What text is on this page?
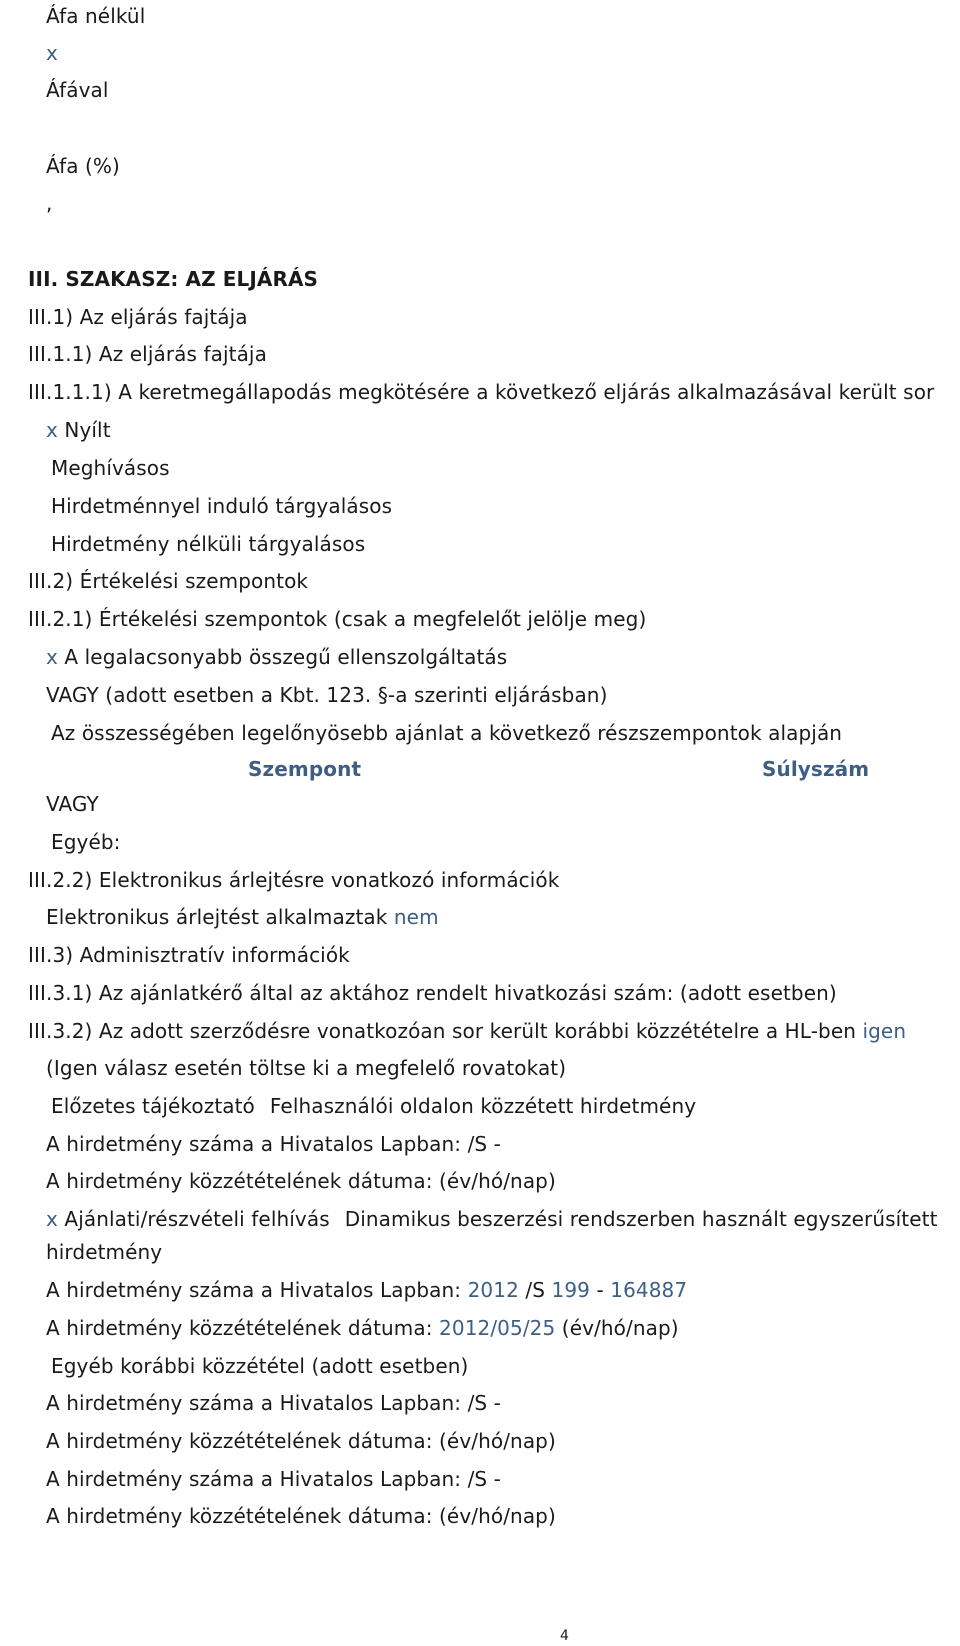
Áfa nélkül
x
Áfával
Áfa (%)
,
III. SZAKASZ: AZ ELJÁRÁS
III.1) Az eljárás fajtája
III.1.1) Az eljárás fajtája
III.1.1.1) A keretmegállapodás megkötésére a következő eljárás alkalmazásával került sor
x Nyílt
Meghívásos
Hirdetménnyel induló tárgyalásos
Hirdetmény nélküli tárgyalásos
III.2) Értékelési szempontok
III.2.1) Értékelési szempontok (csak a megfelelőt jelölje meg)
x A legalacsonyabb összegű ellenszolgáltatás
VAGY (adott esetben a Kbt. 123. §-a szerinti eljárásban)
Az összességében legelőnyösebb ajánlat a következő részszempontok alapján
Szempont	Súlyszám
VAGY
Egyéb:
III.2.2) Elektronikus árlejtésre vonatkozó információk
Elektronikus árlejtést alkalmaztak nem
III.3) Adminisztratív információk
III.3.1) Az ajánlatkérő által az aktához rendelt hivatkozási szám: (adott esetben)
III.3.2) Az adott szerződésre vonatkozóan sor került korábbi közzétételre a HL-ben igen
(Igen válasz esetén töltse ki a megfelelő rovatokat)
Előzetes tájékoztató Felhasználói oldalon közzétett hirdetmény
A hirdetmény száma a Hivatalos Lapban: /S -
A hirdetmény közzétételének dátuma: (év/hó/nap)
x Ajánlati/részvételi felhívás Dinamikus beszerzési rendszerben használt egyszerűsített
hirdetmény
A hirdetmény száma a Hivatalos Lapban: 2012 /S 199 - 164887
A hirdetmény közzétételének dátuma: 2012/05/25 (év/hó/nap)
Egyéb korábbi közzététel (adott esetben)
A hirdetmény száma a Hivatalos Lapban: /S -
A hirdetmény közzétételének dátuma: (év/hó/nap)
A hirdetmény száma a Hivatalos Lapban: /S -
A hirdetmény közzétételének dátuma: (év/hó/nap)
4
